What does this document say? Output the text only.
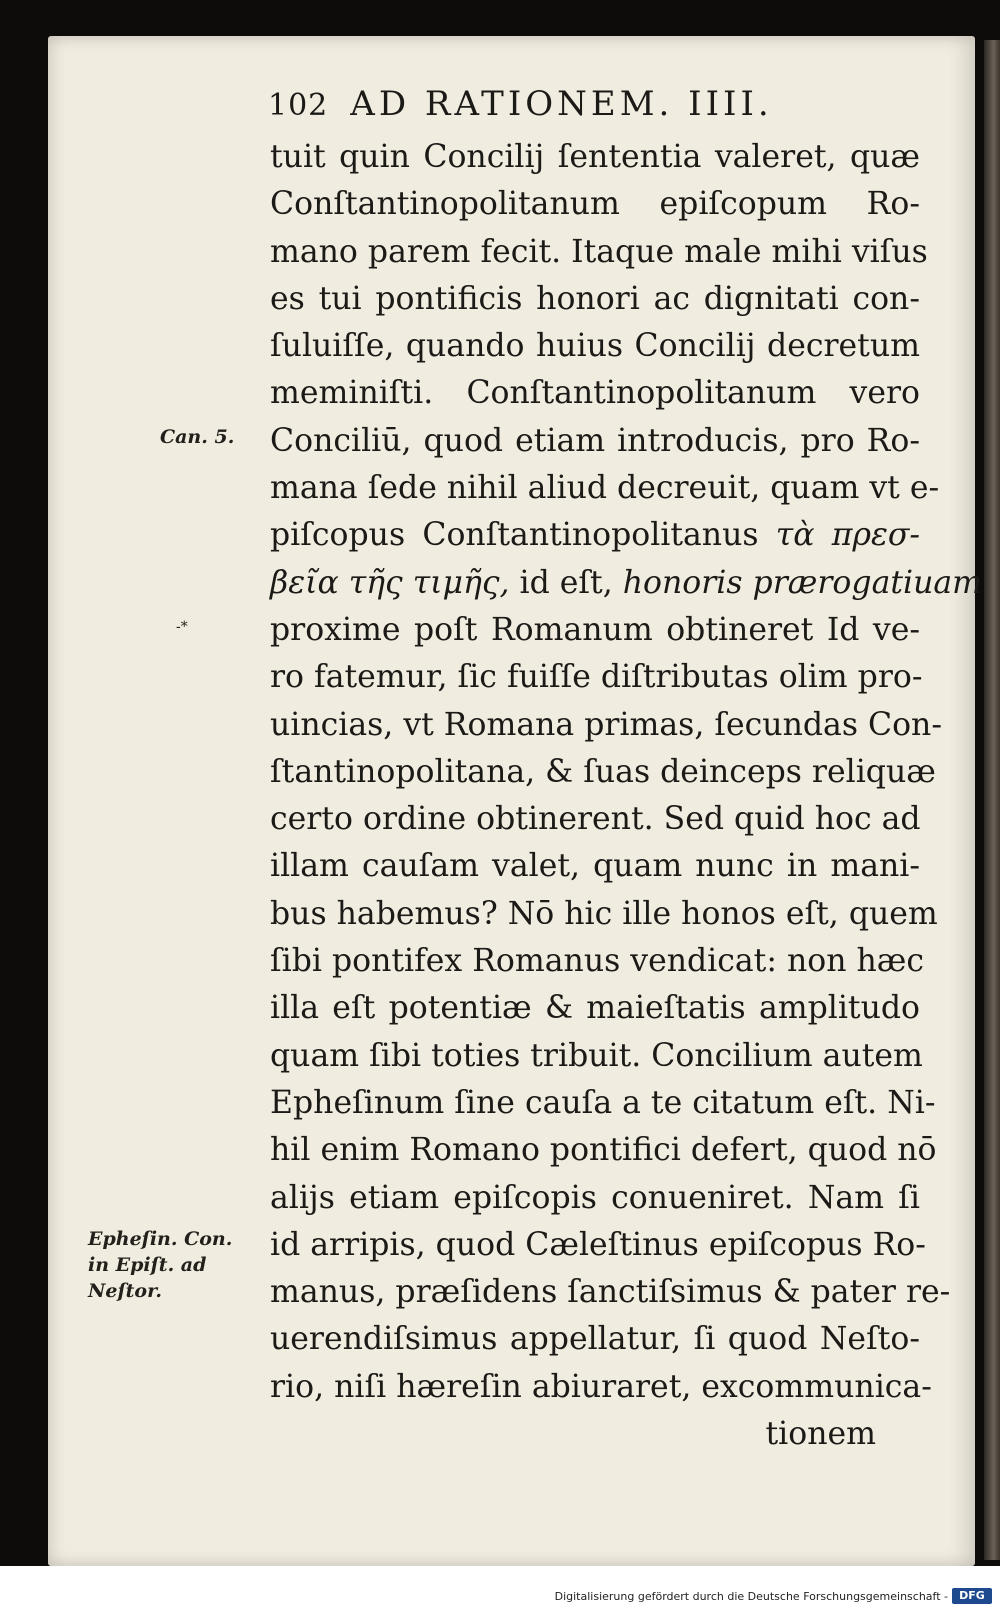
102 AD RATIONEM. IIII.
tuit quin Concilij ſententia valeret, quæ
Conſtantinopolitanum epiſcopum Ro-
mano parem fecit. Itaque male mihi viſus
es tui pontificis honori ac dignitati con-
ſuluiſſe, quando huius Concilij decretum
meminiſti. Conſtantinopolitanum vero
Conciliū, quod etiam introducis, pro Ro-
mana ſede nihil aliud decreuit, quam vt e-
piſcopus Conſtantinopolitanus τὰ πρεσ-
βεῖα τῆς τιμῆς, id eſt, honoris prærogatiuam
proxime poſt Romanum obtineret Id ve-
ro fatemur, ſic fuiſſe diſtributas olim pro-
uincias, vt Romana primas, ſecundas Con-
ſtantinopolitana, & ſuas deinceps reliquæ
certo ordine obtinerent. Sed quid hoc ad
illam cauſam valet, quam nunc in mani-
bus habemus? Nō hic ille honos eſt, quem
ſibi pontifex Romanus vendicat: non hæc
illa eſt potentiæ & maieſtatis amplitudo
quam ſibi toties tribuit. Concilium autem
Epheſinum ſine cauſa a te citatum eſt. Ni-
hil enim Romano pontifici defert, quod nō
alijs etiam epiſcopis conueniret. Nam ſi
id arripis, quod Cæleſtinus epiſcopus Ro-
manus, præſidens ſanctiſsimus & pater re-
uerendiſsimus appellatur, ſi quod Neſto-
rio, niſi hæreſin abiuraret, excommunica-
tionem
Can. 5.
-*
Epheſin. Con.
in Epiſt. ad
Neſtor.
Digitalisierung gefördert durch die Deutsche Forschungsgemeinschaft -	DFG
